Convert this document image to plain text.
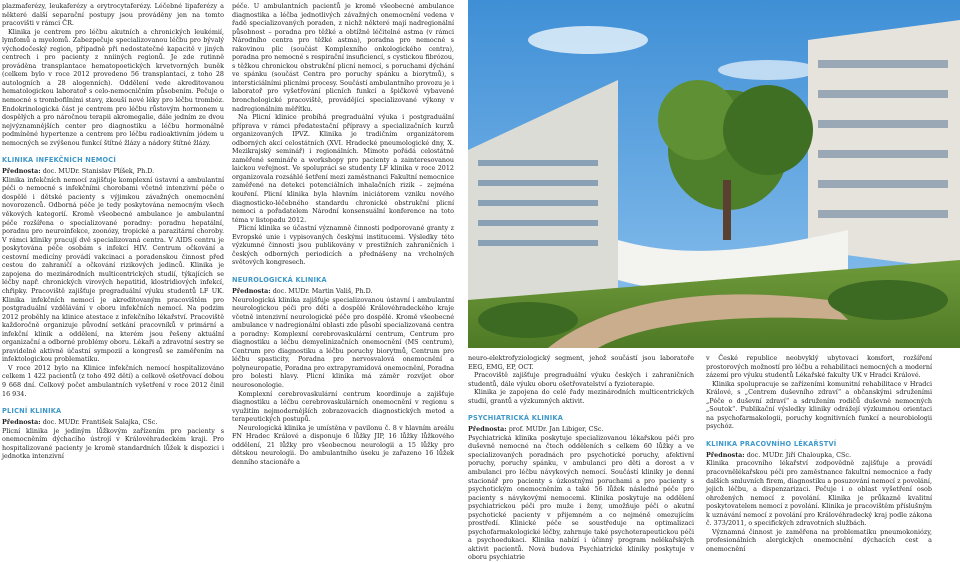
plazmaferézy, leukaferézy a erytrocytaferézy. Léčebné lipaferézy a některé další separační postupy jsou prováděny jen na tomto pracovišti v rámci ČR.

Klinika je centrem pro léčbu akutních a chronických leukémií, lymfomů a myelomů. Zabezpečuje specializovanou léčbu pro bývalý východočeský region, případně při nedostatečné kapacitě v jiných centrech i pro pacienty z nniiných regionů. Je zde rutinně prováděna transplantace hematopoetických krvetvorných buněk (celkem bylo v roce 2012 provedeno 56 transplantací, z toho 28 autologních a 28 alogenních). Oddělení vede akreditovanou hematologickou laboratoř s celo-nemocničním působením. Pečuje o nemocné s trombofilními stavy, zkouší nové léky pro léčbu trombóz. Endokrinologická část je centrem pro léčbu růstovým hormonem u dospělých a pro náročnou terapii akromegalie, dále jedním ze dvou nejvýznamnějších center pro diagnostiku a léčbu hormonálně podmíněné hypertenze a centrem pro léčbu radioaktivním jódem u nemocných se zvýšenou funkcí štítné žlázy a nádory štítné žlázy.

KLINIKA INFEKČNÍCH NEMOCÍ

Přednosta: doc. MUDr. Stanislav Plíšek, Ph.D.

Klinika infekčních nemocí zajišťuje komplexní ústavní a ambulantní péči o nemocné s infekčními chorobami včetně intenzivní péče o dospělé i dětské pacienty s výjimkou závažných onemocnění novorozenců. Odborná péče je tedy poskytována nemocným všech věkových kategorií. Kromě všeobecné ambulance je ambulantní péče rozšířena o specializované poradny: poradnu hepatální, poradnu pro neuroinfekce, zoonózy, tropické a parazitární choroby. V rámci kliniky pracují dvě specializovaná centra. V AIDS centru je poskytována péče osobám s infekcí HIV. Centrum očkování a cestovní medicíny provádí vakcinaci a poradenskou činnost před cestou do zahraničí a očkování rizikových jedinců. Klinika je zapojena do mezinárodních multicentrických studií, týkajících se léčby např. chronických virových hepatitid, klostridiových infekcí, chřipky. Pracoviště zajišťuje pregraduální výuku studentů LF UK. Klinika infekčních nemocí je akreditovaným pracovištěm pro postgraduální vzdělávání v oboru infekčních nemocí. Na podzim 2012 proběhly na klinice atestace z infekčního lékařství. Pracoviště každoročně organizuje původní setkání pracovníků v primární a infekční klinik a oddělení, na kterém jsou řešeny aktuální organizační a odborné problémy oboru. Lékaři a zdravotní sestry se pravidelně aktivně účastní sympozií a kongresů se zaměřením na infektologickou problematiku.

V roce 2012 bylo na Klinice infekčních nemocí hospitalizováno celkem 1 422 pacientů (z toho 492 dětí) a celkově ošetřovací dobou 9 668 dní. Celkový počet ambulantních vyšetření v roce 2012 činil 16 934.

PLICNÍ KLINIKA

Přednosta: doc. MUDr. František Salajka, CSc.

Plicní klinika je jediným lůžkovým zařízením pro pacienty s onemocněním dýchacího ústrojí v Královéhradeckém kraji. Pro hospitalizované pacienty je kromě standardních lůžek k dispozici i jednotka intenzivní

péče. U ambulantních pacientů je kromě všeobecné ambulance diagnostika a léčba jednotlivých závažných onemocnění vedena v řadě specializovaných poraden, z nichž některé mají nadregionální působnost – poradna pro těžké a obtížně léčitelné astma (v rámci Národního centra pro těžké astma), poradna pro nemocné s rakovinou plic (součást Komplexního onkologického centra), poradna pro nemocné s respirační insuficiencí, s cystickou fibrózou, s těžkou chronickou obstrukční plicní nemocí, s poruchami dýchání ve spánku (součást Centra pro poruchy spánku a biorytmů), s intersticiálními plicními procesy. Součástí ambulantního provozu je i laboratoř pro vyšetřování plicních funkcí a špičkově vybavené bronchologické pracoviště, provádějící specializované výkony v nadregionálním měřítku.

Na Plicní klinice probíhá pregraduální výuka i postgraduální příprava v rámci předatestační přípravy a specializačních kurzů organizovaných IPVZ. Klinika je tradičním organizátorem odborných akcí celostátních (XVI. Hradecké pneumologické dny, X. Mezikrajský seminář) i regionálních. Mimoto pořádá celostátně zaměřené semináře a workshopy pro pacienty a zainteresovanou laickou veřejnost. Ve spolupráci se studenty LF klinika v roce 2012 organizovala rozsáhlé šetření mezi zaměstnanci Fakultní nemocnice zaměřené na detekci potenciálních inhalačních rizik – zejména kouření. Plicní klinika byla hlavním iniciátorem vzniku nového diagnosticko-léčebného standardu chronické obstrukční plicní nemoci a pořadatelem Národní konsensuální konference na toto téma v listopadu 2012.

Plicní klinika se účastní významně činnosti podporované granty z Evropské unie i vypisovaných českými institucemi. Výsledky této výzkumné činnosti jsou publikovány v prestižních zahraničních i českých odborných periodicích a přednášeny na vrcholných světových kongresech.

NEUROLOGICKÁ KLINIKA

Přednosta: doc. MUDr. Martin Vališ, Ph.D.

Neurologická klinika zajišťuje specializovanou ústavní i ambulantní neurologickou péči pro děti a dospělé Královéhradeckého kraje včetně intenzivní neurologické péče pro dospělé. Kromě všeobecné ambulance v nadregionální oblasti zde působí specializovaná centra a poradny: Komplexní cerebrovaskulární centrum, Centrum pro diagnostiku a léčbu demyelinizačních onemocnění (MS centrum), Centrum pro diagnostiku a léčbu poruchy biorytmů, Centrum pro léčbu spasticity, Poradna pro nervosvalová onemocnění a polyneuropatie, Poradna pro extrapyramidová onemocnění, Poradna pro bolesti hlavy. Plicní klinika má záměr rozvíjet obor neurosonologie.

Komplexní cerebrovaskulární centrum koordinuje a zajišťuje diagnostiku a léčbu cerebrovaskulárních onemocnění v regionu s využitím nejmodernějších zobrazovacích diagnostických metod a terapeutických postupů.

Neurologická klinika je umístěna v pavilonu č. 8 v hlavním areálu FN Hradec Králové a disponuje 6 lůžky JIP, 16 lůžky lůžkového oddělení, 21 lůžky pro všeobecnou neurologii a 15 lůžky pro dětskou neurologii. Do ambulantního úseku je zařazeno 16 lůžek denního stacionáře a

neuro-elektrofyziologický segment, jehož součástí jsou laboratoře EEG, EMG, EP, OCT.

Pracoviště zajišťuje pregraduální výuku českých i zahraničních studentů, dále výuku oboru ošetřovatelství a fyzioterapie.

Klinika je zapojena do celé řady mezinárodních multicentrických studií, grantů a výzkumných aktivit.

PSYCHIATRICKÁ KLINIKA

Přednosta: prof. MUDr. Jan Libiger, CSc.

Psychiatrická klinika poskytuje specializovanou lékařskou péči pro duševně nemocné na čtech odděleních s celkem 60 lůžky a ve specializovaných poradnách pro psychotické poruchy, afektivní poruchy, poruchy spánku, v ambulanci pro děti a dorost a v ambulanci pro léčbu návykových nemocí. Součástí kliniky je denní stacionář pro pacienty s úzkostnými poruchami a pro pacienty s psychotickým onemocněním a také 56 lůžek následné péče pro pacienty s návykovými nemocemi. Klinika poskytuje na oddělení psychiatrickou péči pro muže i ženy, umožňuje péči o akutní psychotické pacienty v přijemném a co nejméně omezujícím prostředí. Klinické péče se soustředuje na optimalizaci psychofarmakologické léčby, zahrnuje také psychoterapeutickou péči a psychoedukaci. Klinika nabízí i účinný program nelékařských aktivit pacientů. Nová budova Psychiatrické kliniky poskytuje v oboru psychiatrie

v České republice neobvyklý ubytovací komfort, rozšíření prostorových možností pro léčbu a rehabilitaci nemocných a moderní zázemí pro výuku studentů Lékařské fakulty UK v Hradci Králové.

Klinika spolupracuje se zařízeními komunitní rehabilitace v Hradci Králové, s „Centrem duševního zdraví“ a občanskými sdruženími „Péče o duševní zdraví“ a sdružením rodičů duševně nemocných „Soutok“. Publikační výsledky kliniky odrážejí výzkumnou orientaci na psychofarmakologii, poruchy kognitivních funkcí a neurobiologii psychóz.

KLINIKA PRACOVNÍHO LÉKAŘSTVÍ

Přednosta: doc. MUDr. Jiří Chaloupka, CSc.

Klinika pracovního lékařství zodpovědně zajišťuje a provádí pracovnělékařskou péči pro zaměstnance fakultní nemocnice a řady dalších smluvních firem, diagnostiku a posuzování nemocí z povolání, jejich léčbu, a dispenzarizaci. Pečuje i o oblast vyšetření osob ohrožených nemocí z povolání. Klinika je průkazně kvalitní poskytovatelem nemocí z povolání. Klinika je pracovištěm příslušným k uznávání nemocí z povolání pro Královéhradecký kraj podle zákona č. 373/2011, o specifických zdravotních službách.

Významná činnost je zaměřena na problematiku pneumokoniózy, profesionálních alergických onemocnění dýchacích cest a onemocnění
